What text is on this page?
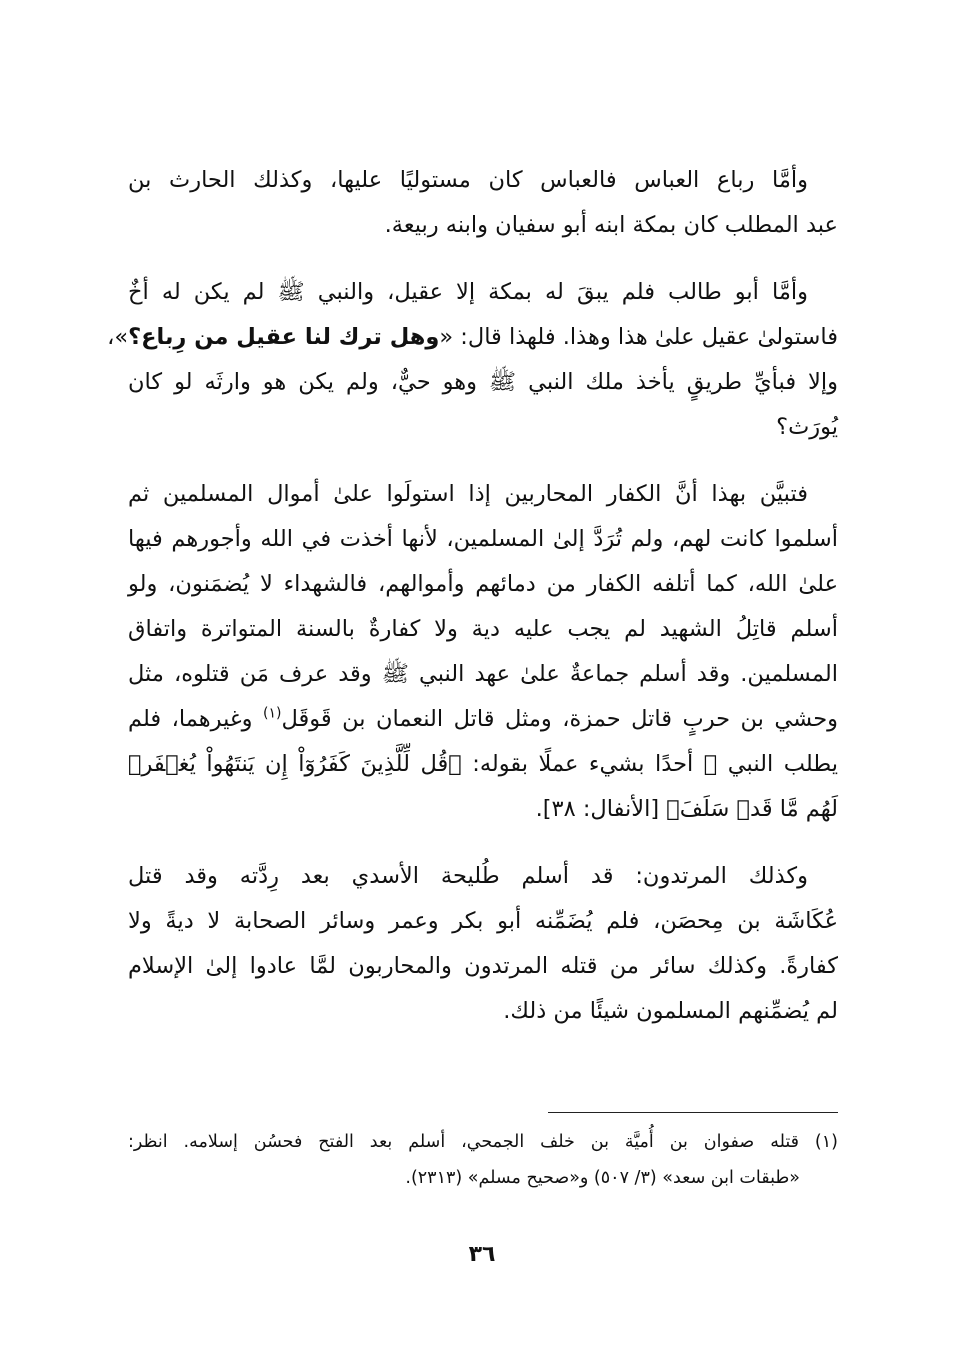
وأمَّا رباع العباس فالعباس كان مستوليًا عليها، وكذلك الحارث بن
عبد المطلب كان بمكة ابنه أبو سفيان وابنه ربيعة.

وأمَّا أبو طالب فلم يبقَ له بمكة إلا عقيل، والنبي ﷺ لم يكن له أخٌ
فاستولىٰ عقيل علىٰ هذا وهذا. فلهذا قال: «وهل ترك لنا عقيل من رِباع؟»،
وإلا فبأيِّ طريقٍ يأخذ ملك النبي ﷺ وهو حيٌّ، ولم يكن هو وارثَه لو كان
يُورَث؟

فتبيَّن بهذا أنَّ الكفار المحاربين إذا استولَوا علىٰ أموال المسلمين ثم
أسلموا كانت لهم، ولم تُرَدَّ إلىٰ المسلمين، لأنها أخذت في الله وأجورهم فيها
علىٰ الله، كما أتلفه الكفار من دمائهم وأموالهم، فالشهداء لا يُضمَنون، ولو
أسلم قاتِلُ الشهيد لم يجب عليه دية ولا كفارةٌ بالسنة المتواترة واتفاق
المسلمين. وقد أسلم جماعةٌ علىٰ عهد النبي ﷺ وقد عرف مَن قتلوه، مثل
وحشي بن حربٍ قاتل حمزة، ومثل قاتل النعمان بن قَوقَل$^{(١)}$ وغيرهما، فلم
يطلب النبي ﷺ أحدًا بشيء عملًا بقوله: ﴿قُل لِّلَّذِينَ كَفَرُوٓاْ إِن يَنتَهُواْ يُغۡفَرۡ
لَهُم مَّا قَدۡ سَلَفَ﴾ [الأنفال: ٣٨].

وكذلك المرتدون: قد أسلم طُليحة الأسدي بعد رِدَّته وقد قتل
عُكَاشَة بن مِحصَن، فلم يُضَمِّنه أبو بكر وعمر وسائر الصحابة لا ديةً ولا
كفارةً. وكذلك سائر من قتله المرتدون والمحاربون لمَّا عادوا إلىٰ الإسلام
لم يُضمِّنهم المسلمون شيئًا من ذلك.

(١) قتله صفوان بن أُميَّة بن خلف الجمحي، أسلم بعد الفتح فحسُن إسلامه. انظر:
«طبقات ابن سعد» (٣/ ٥٠٧) و«صحيح مسلم» (٢٣١٣).
٣٦
